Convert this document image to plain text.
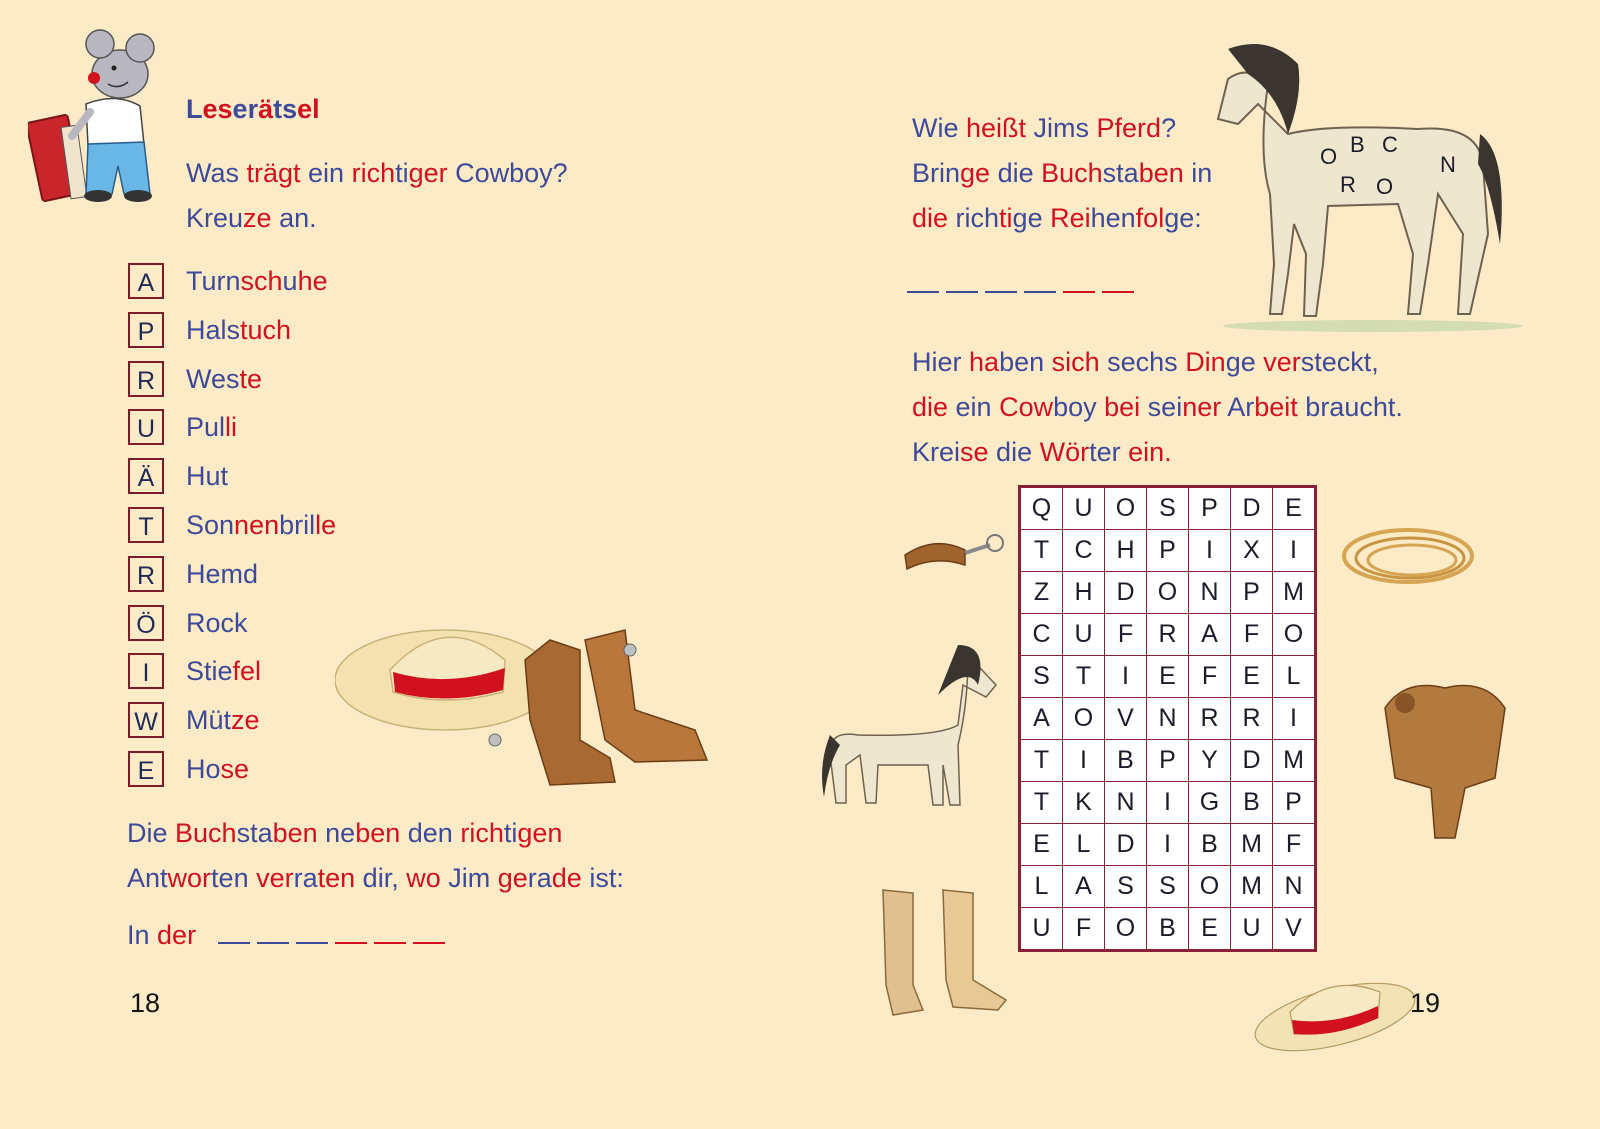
Leserätsel
Was trägt ein richtiger Cowboy?
Kreuze an.
A	Turnschuhe
P	Halstuch
R	Weste
U	Pulli
Ä	Hut
T	Sonnenbrille
R	Hemd
Ö	Rock
I	Stiefel
W Mütze
E	Hose
Die Buchstaben neben den richtigen
Antworten verraten dir, wo Jim gerade ist:
In der
18
Wie heißt Jims Pferd?
Bringe die Buchstaben in
die richtige Reihenfolge:
O B C
N
R O
Hier haben sich sechs Dinge versteckt,
die ein Cowboy bei seiner Arbeit braucht.
Kreise die Wörter ein.
Q	U	O	S	P	D	E
T	C	H	P	I	X	I
Z	H	D	O	N	P	M
C	U	F	R	A	F	O
S	T	I	E	F	E	L
A	O	V	N	R	R	I
T	I	B	P	Y	D	M
T	K	N	I	G	B	P
E	L	D	I	B	M	F
L	A	S	S	O	M	N
U	F	O	B	E	U	V
19
